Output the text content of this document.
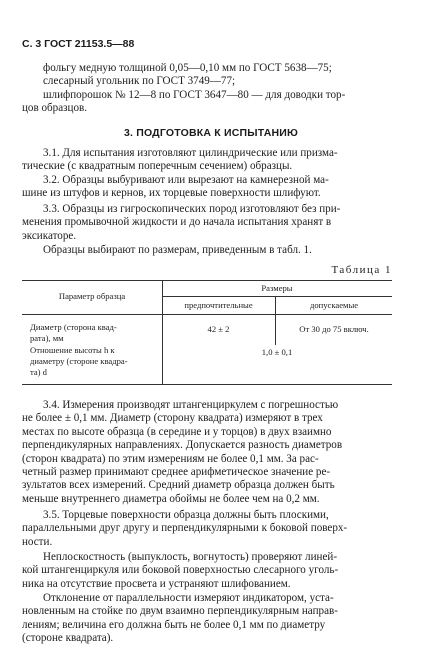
С. 3 ГОСТ 21153.5—88
фольгу медную толщиной 0,05—0,10 мм по ГОСТ 5638—75;
слесарный угольник по ГОСТ 3749—77;
шлифпорошок № 12—8 по ГОСТ 3647—80 — для доводки тор-
цов образцов.
3. ПОДГОТОВКА К ИСПЫТАНИЮ
3.1. Для испытания изготовляют цилиндрические или призма-
тические (с квадратным поперечным сечением) образцы.
3.2. Образцы выбуривают или вырезают на камнерезной ма-
шине из штуфов и кернов, их торцевые поверхности шлифуют.
3.3. Образцы из гигроскопических пород изготовляют без при-
менения промывочной жидкости и до начала испытания хранят в
эксикаторе.
Образцы выбирают по размерам, приведенным в табл. 1.
Таблица 1
Параметр образца
Размеры
предпочтительные	допускаемые
Диаметр (сторона квад-
рата), мм
42 ± 2	От 30 до 75 включ.
Отношение высоты h к
диаметру (стороне квадра-
та) d
1,0 ± 0,1
3.4. Измерения производят штангенциркулем с погрешностью
не более ± 0,1 мм. Диаметр (сторону квадрата) измеряют в трех
местах по высоте образца (в середине и у торцов) в двух взаимно
перпендикулярных направлениях. Допускается разность диаметров
(сторон квадрата) по этим измерениям не более 0,1 мм. За рас-
четный размер принимают среднее арифметическое значение ре-
зультатов всех измерений. Средний диаметр образца должен быть
меньше внутреннего диаметра обоймы не более чем на 0,2 мм.
3.5. Торцевые поверхности образца должны быть плоскими,
параллельными друг другу и перпендикулярными к боковой поверх-
ности.
Неплоскостность (выпуклость, вогнутость) проверяют линей-
кой штангенциркуля или боковой поверхностью слесарного уголь-
ника на отсутствие просвета и устраняют шлифованием.
Отклонение от параллельности измеряют индикатором, уста-
новленным на стойке по двум взаимно перпендикулярным направ-
лениям; величина его должна быть не более 0,1 мм по диаметру
(стороне квадрата).
